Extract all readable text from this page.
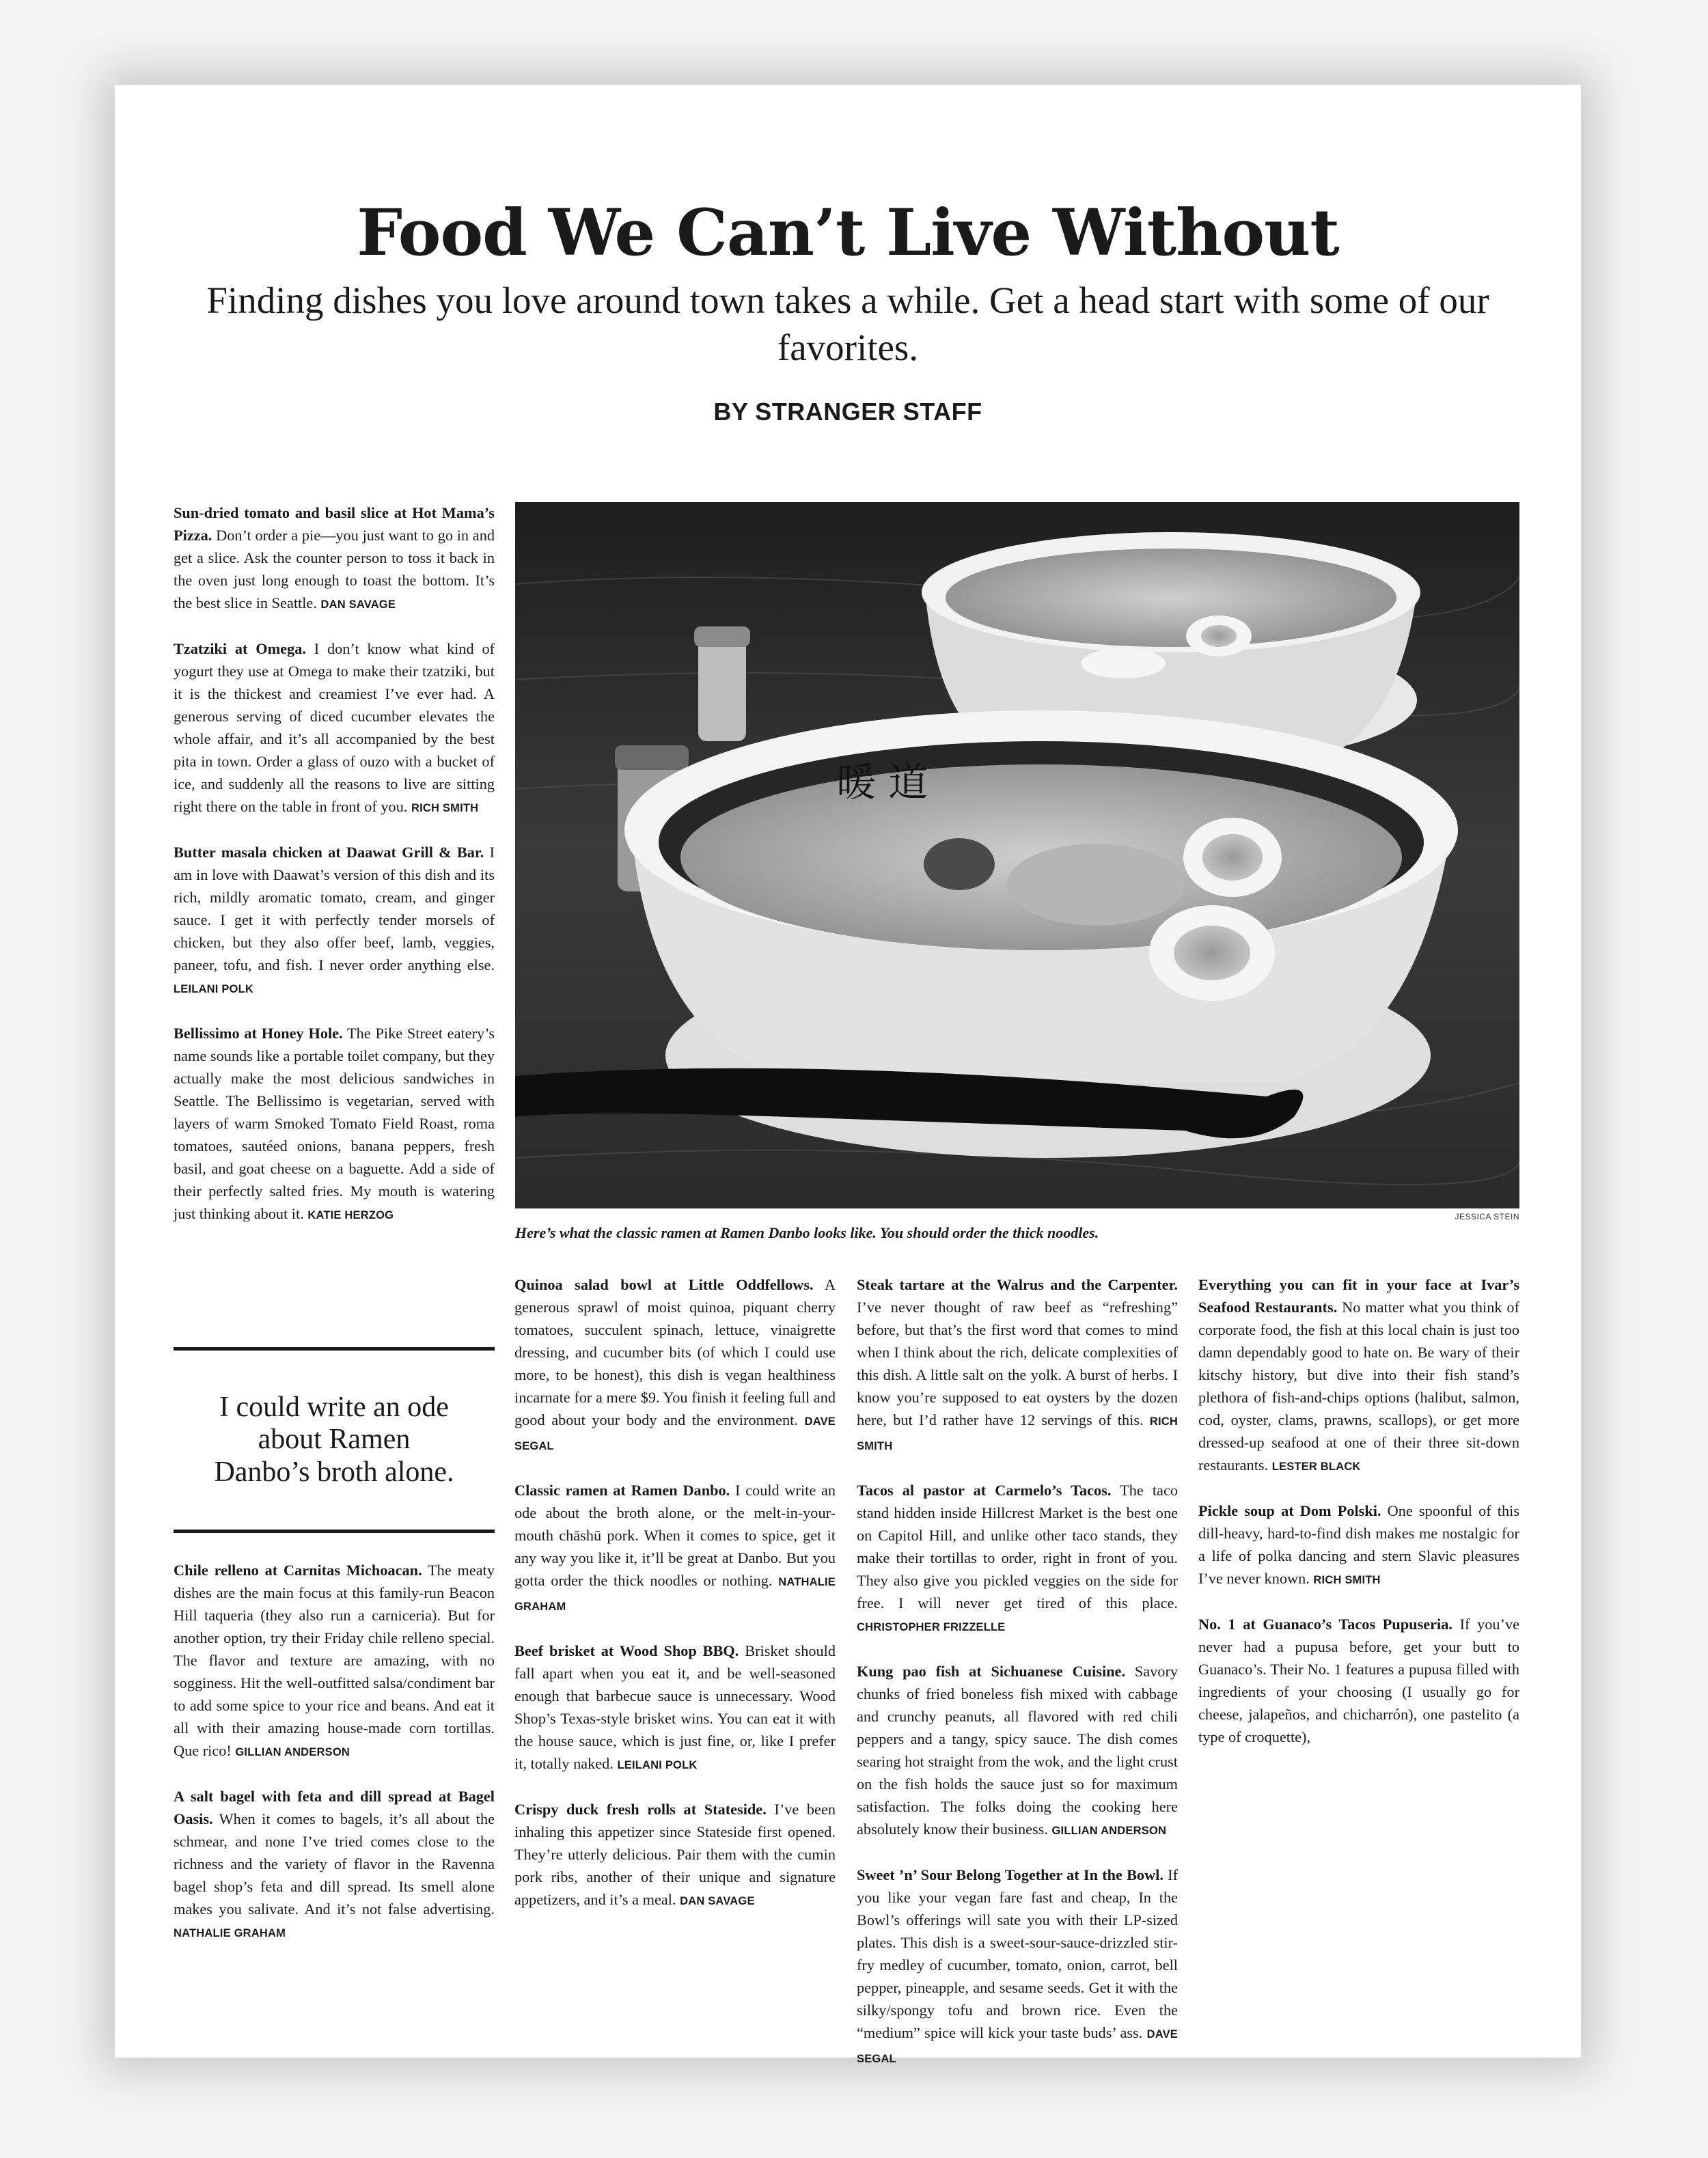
Food We Can’t Live Without
Finding dishes you love around town takes a while. Get a head start with some of our favorites.
BY STRANGER STAFF

Sun-dried tomato and basil slice at Hot Mama’s Pizza. Don’t order a pie—you just want to go in and get a slice. Ask the counter person to toss it back in the oven just long enough to toast the bottom. It’s the best slice in Seattle. DAN SAVAGE

Tzatziki at Omega. I don’t know what kind of yogurt they use at Omega to make their tzatziki, but it is the thickest and creamiest I’ve ever had. A generous serving of diced cucumber elevates the whole affair, and it’s all accompanied by the best pita in town. Order a glass of ouzo with a bucket of ice, and suddenly all the reasons to live are sitting right there on the table in front of you. RICH SMITH

Butter masala chicken at Daawat Grill & Bar. I am in love with Daawat’s version of this dish and its rich, mildly aromatic tomato, cream, and ginger sauce. I get it with perfectly tender morsels of chicken, but they also offer beef, lamb, veggies, paneer, tofu, and fish. I never order anything else. LEILANI POLK

Bellissimo at Honey Hole. The Pike Street eatery’s name sounds like a portable toilet company, but they actually make the most delicious sandwiches in Seattle. The Bellissimo is vegetarian, served with layers of warm Smoked Tomato Field Roast, roma tomatoes, sautéed onions, banana peppers, fresh basil, and goat cheese on a baguette. Add a side of their perfectly salted fries. My mouth is watering just thinking about it. KATIE HERZOG

I could write an ode about Ramen Danbo’s broth alone.

Chile relleno at Carnitas Michoacan. The meaty dishes are the main focus at this family-run Beacon Hill taqueria (they also run a carniceria). But for another option, try their Friday chile relleno special. The flavor and texture are amazing, with no sogginess. Hit the well-outfitted salsa/condiment bar to add some spice to your rice and beans. And eat it all with their amazing house-made corn tortillas. Que rico! GILLIAN ANDERSON

A salt bagel with feta and dill spread at Bagel Oasis. When it comes to bagels, it’s all about the schmear, and none I’ve tried comes close to the richness and the variety of flavor in the Ravenna bagel shop’s feta and dill spread. Its smell alone makes you salivate. And it’s not false advertising. NATHALIE GRAHAM

暖 道
JESSICA STEIN
Here’s what the classic ramen at Ramen Danbo looks like. You should order the thick noodles.

Quinoa salad bowl at Little Oddfellows. A generous sprawl of moist quinoa, piquant cherry tomatoes, succulent spinach, lettuce, vinaigrette dressing, and cucumber bits (of which I could use more, to be honest), this dish is vegan healthiness incarnate for a mere $9. You finish it feeling full and good about your body and the environment. DAVE SEGAL

Classic ramen at Ramen Danbo. I could write an ode about the broth alone, or the melt-in-your-mouth chāshū pork. When it comes to spice, get it any way you like it, it’ll be great at Danbo. But you gotta order the thick noodles or nothing. NATHALIE GRAHAM

Beef brisket at Wood Shop BBQ. Brisket should fall apart when you eat it, and be well-seasoned enough that barbecue sauce is unnecessary. Wood Shop’s Texas-style brisket wins. You can eat it with the house sauce, which is just fine, or, like I prefer it, totally naked. LEILANI POLK

Crispy duck fresh rolls at Stateside. I’ve been inhaling this appetizer since Stateside first opened. They’re utterly delicious. Pair them with the cumin pork ribs, another of their unique and signature appetizers, and it’s a meal. DAN SAVAGE

Steak tartare at the Walrus and the Carpenter. I’ve never thought of raw beef as “refreshing” before, but that’s the first word that comes to mind when I think about the rich, delicate complexities of this dish. A little salt on the yolk. A burst of herbs. I know you’re supposed to eat oysters by the dozen here, but I’d rather have 12 servings of this. RICH SMITH

Tacos al pastor at Carmelo’s Tacos. The taco stand hidden inside Hillcrest Market is the best one on Capitol Hill, and unlike other taco stands, they make their tortillas to order, right in front of you. They also give you pickled veggies on the side for free. I will never get tired of this place. CHRISTOPHER FRIZZELLE

Kung pao fish at Sichuanese Cuisine. Savory chunks of fried boneless fish mixed with cabbage and crunchy peanuts, all flavored with red chili peppers and a tangy, spicy sauce. The dish comes searing hot straight from the wok, and the light crust on the fish holds the sauce just so for maximum satisfaction. The folks doing the cooking here absolutely know their business. GILLIAN ANDERSON

Sweet ’n’ Sour Belong Together at In the Bowl. If you like your vegan fare fast and cheap, In the Bowl’s offerings will sate you with their LP-sized plates. This dish is a sweet-sour-sauce-drizzled stir-fry medley of cucumber, tomato, onion, carrot, bell pepper, pineapple, and sesame seeds. Get it with the silky/spongy tofu and brown rice. Even the “medium” spice will kick your taste buds’ ass. DAVE SEGAL

Everything you can fit in your face at Ivar’s Seafood Restaurants. No matter what you think of corporate food, the fish at this local chain is just too damn dependably good to hate on. Be wary of their kitschy history, but dive into their fish stand’s plethora of fish-and-chips options (halibut, salmon, cod, oyster, clams, prawns, scallops), or get more dressed-up seafood at one of their three sit-down restaurants. LESTER BLACK

Pickle soup at Dom Polski. One spoonful of this dill-heavy, hard-to-find dish makes me nostalgic for a life of polka dancing and stern Slavic pleasures I’ve never known. RICH SMITH

No. 1 at Guanaco’s Tacos Pupuseria. If you’ve never had a pupusa before, get your butt to Guanaco’s. Their No. 1 features a pupusa filled with ingredients of your choosing (I usually go for cheese, jalapeños, and chicharrón), one pastelito (a type of croquette),
